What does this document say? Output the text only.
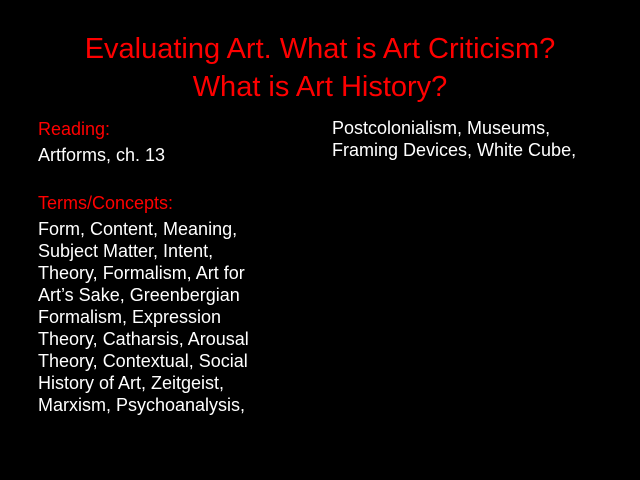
Evaluating Art. What is Art Criticism?
What is Art History?
Reading:
Artforms, ch. 13
Terms/Concepts:
Form, Content, Meaning,
Subject Matter, Intent,
Theory, Formalism, Art for
Art’s Sake, Greenbergian
Formalism, Expression
Theory, Catharsis, Arousal
Theory, Contextual, Social
History of Art, Zeitgeist,
Marxism, Psychoanalysis,
Postcolonialism, Museums,
Framing Devices, White Cube,
